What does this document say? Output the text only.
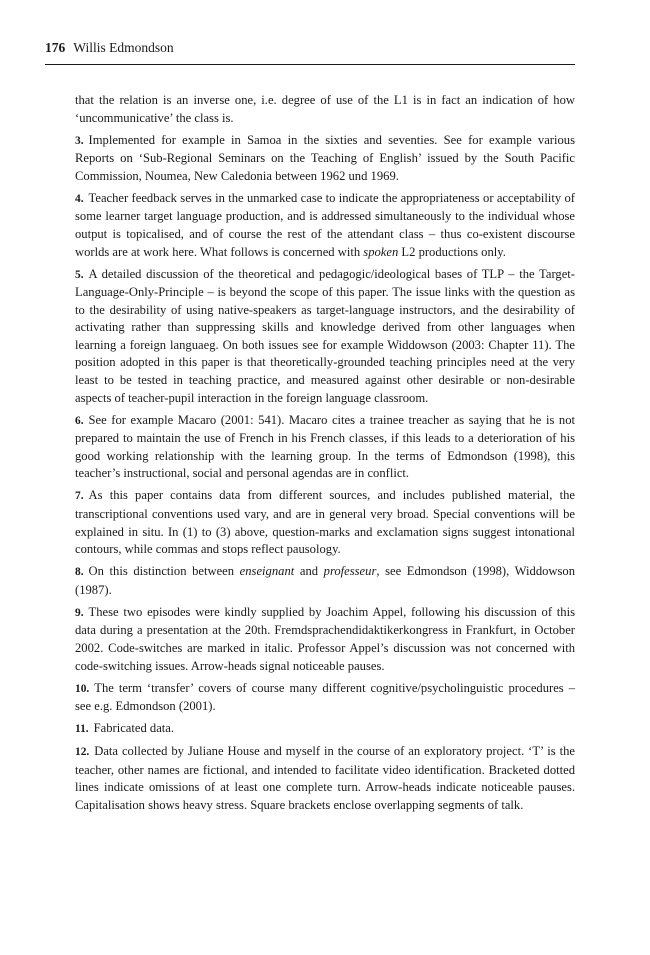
176 Willis Edmondson

that the relation is an inverse one, i.e. degree of use of the L1 is in fact an indication of how ‘uncommunicative’ the class is.

3. Implemented for example in Samoa in the sixties and seventies. See for example various Reports on ‘Sub-Regional Seminars on the Teaching of English’ issued by the South Pacific Commission, Noumea, New Caledonia between 1962 und 1969.

4. Teacher feedback serves in the unmarked case to indicate the appropriateness or acceptability of some learner target language production, and is addressed simultaneously to the individual whose output is topicalised, and of course the rest of the attendant class – thus co-existent discourse worlds are at work here. What follows is concerned with spoken L2 productions only.

5. A detailed discussion of the theoretical and pedagogic/ideological bases of TLP – the Target-Language-Only-Principle – is beyond the scope of this paper. The issue links with the question as to the desirability of using native-speakers as target-language instructors, and the desirability of activating rather than suppressing skills and knowledge derived from other languages when learning a foreign languaeg. On both issues see for example Widdowson (2003: Chapter 11). The position adopted in this paper is that theoretically-grounded teaching principles need at the very least to be tested in teaching practice, and measured against other desirable or non-desirable aspects of teacher-pupil interaction in the foreign language classroom.

6. See for example Macaro (2001: 541). Macaro cites a trainee treacher as saying that he is not prepared to maintain the use of French in his French classes, if this leads to a deterioration of his good working relationship with the learning group. In the terms of Edmondson (1998), this teacher’s instructional, social and personal agendas are in conflict.

7. As this paper contains data from different sources, and includes published material, the transcriptional conventions used vary, and are in general very broad. Special conventions will be explained in situ. In (1) to (3) above, question-marks and exclamation signs suggest intonational contours, while commas and stops reflect pausology.

8. On this distinction between enseignant and professeur, see Edmondson (1998), Widdowson (1987).

9. These two episodes were kindly supplied by Joachim Appel, following his discussion of this data during a presentation at the 20th. Fremdsprachendidaktikerkongress in Frankfurt, in October 2002. Code-switches are marked in italic. Professor Appel’s discussion was not concerned with code-switching issues. Arrow-heads signal noticeable pauses.

10. The term ‘transfer’ covers of course many different cognitive/psycholinguistic procedures – see e.g. Edmondson (2001).

11. Fabricated data.

12. Data collected by Juliane House and myself in the course of an exploratory project. ‘T’ is the teacher, other names are fictional, and intended to facilitate video identification. Bracketed dotted lines indicate omissions of at least one complete turn. Arrow-heads indicate noticeable pauses. Capitalisation shows heavy stress. Square brackets enclose overlapping segments of talk.
